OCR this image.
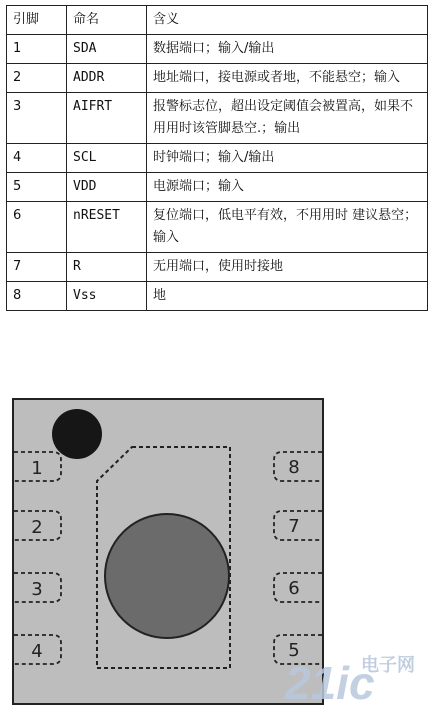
引脚	命名	含义
1	SDA	数据端口；输入/输出
2	ADDR	地址端口，接电源或者地，不能悬空；输入
3	AIFRT	报警标志位，超出设定阈值会被置高，如果不用用时该管脚悬空.；输出
4	SCL	时钟端口；输入/输出
5	VDD	电源端口；输入
6	nRESET	复位端口，低电平有效，不用用时 建议悬空；输入
7	R	无用端口，使用时接地
8	Vss	地
1
2
3
4
8
7
6
5
21ic
电子网
